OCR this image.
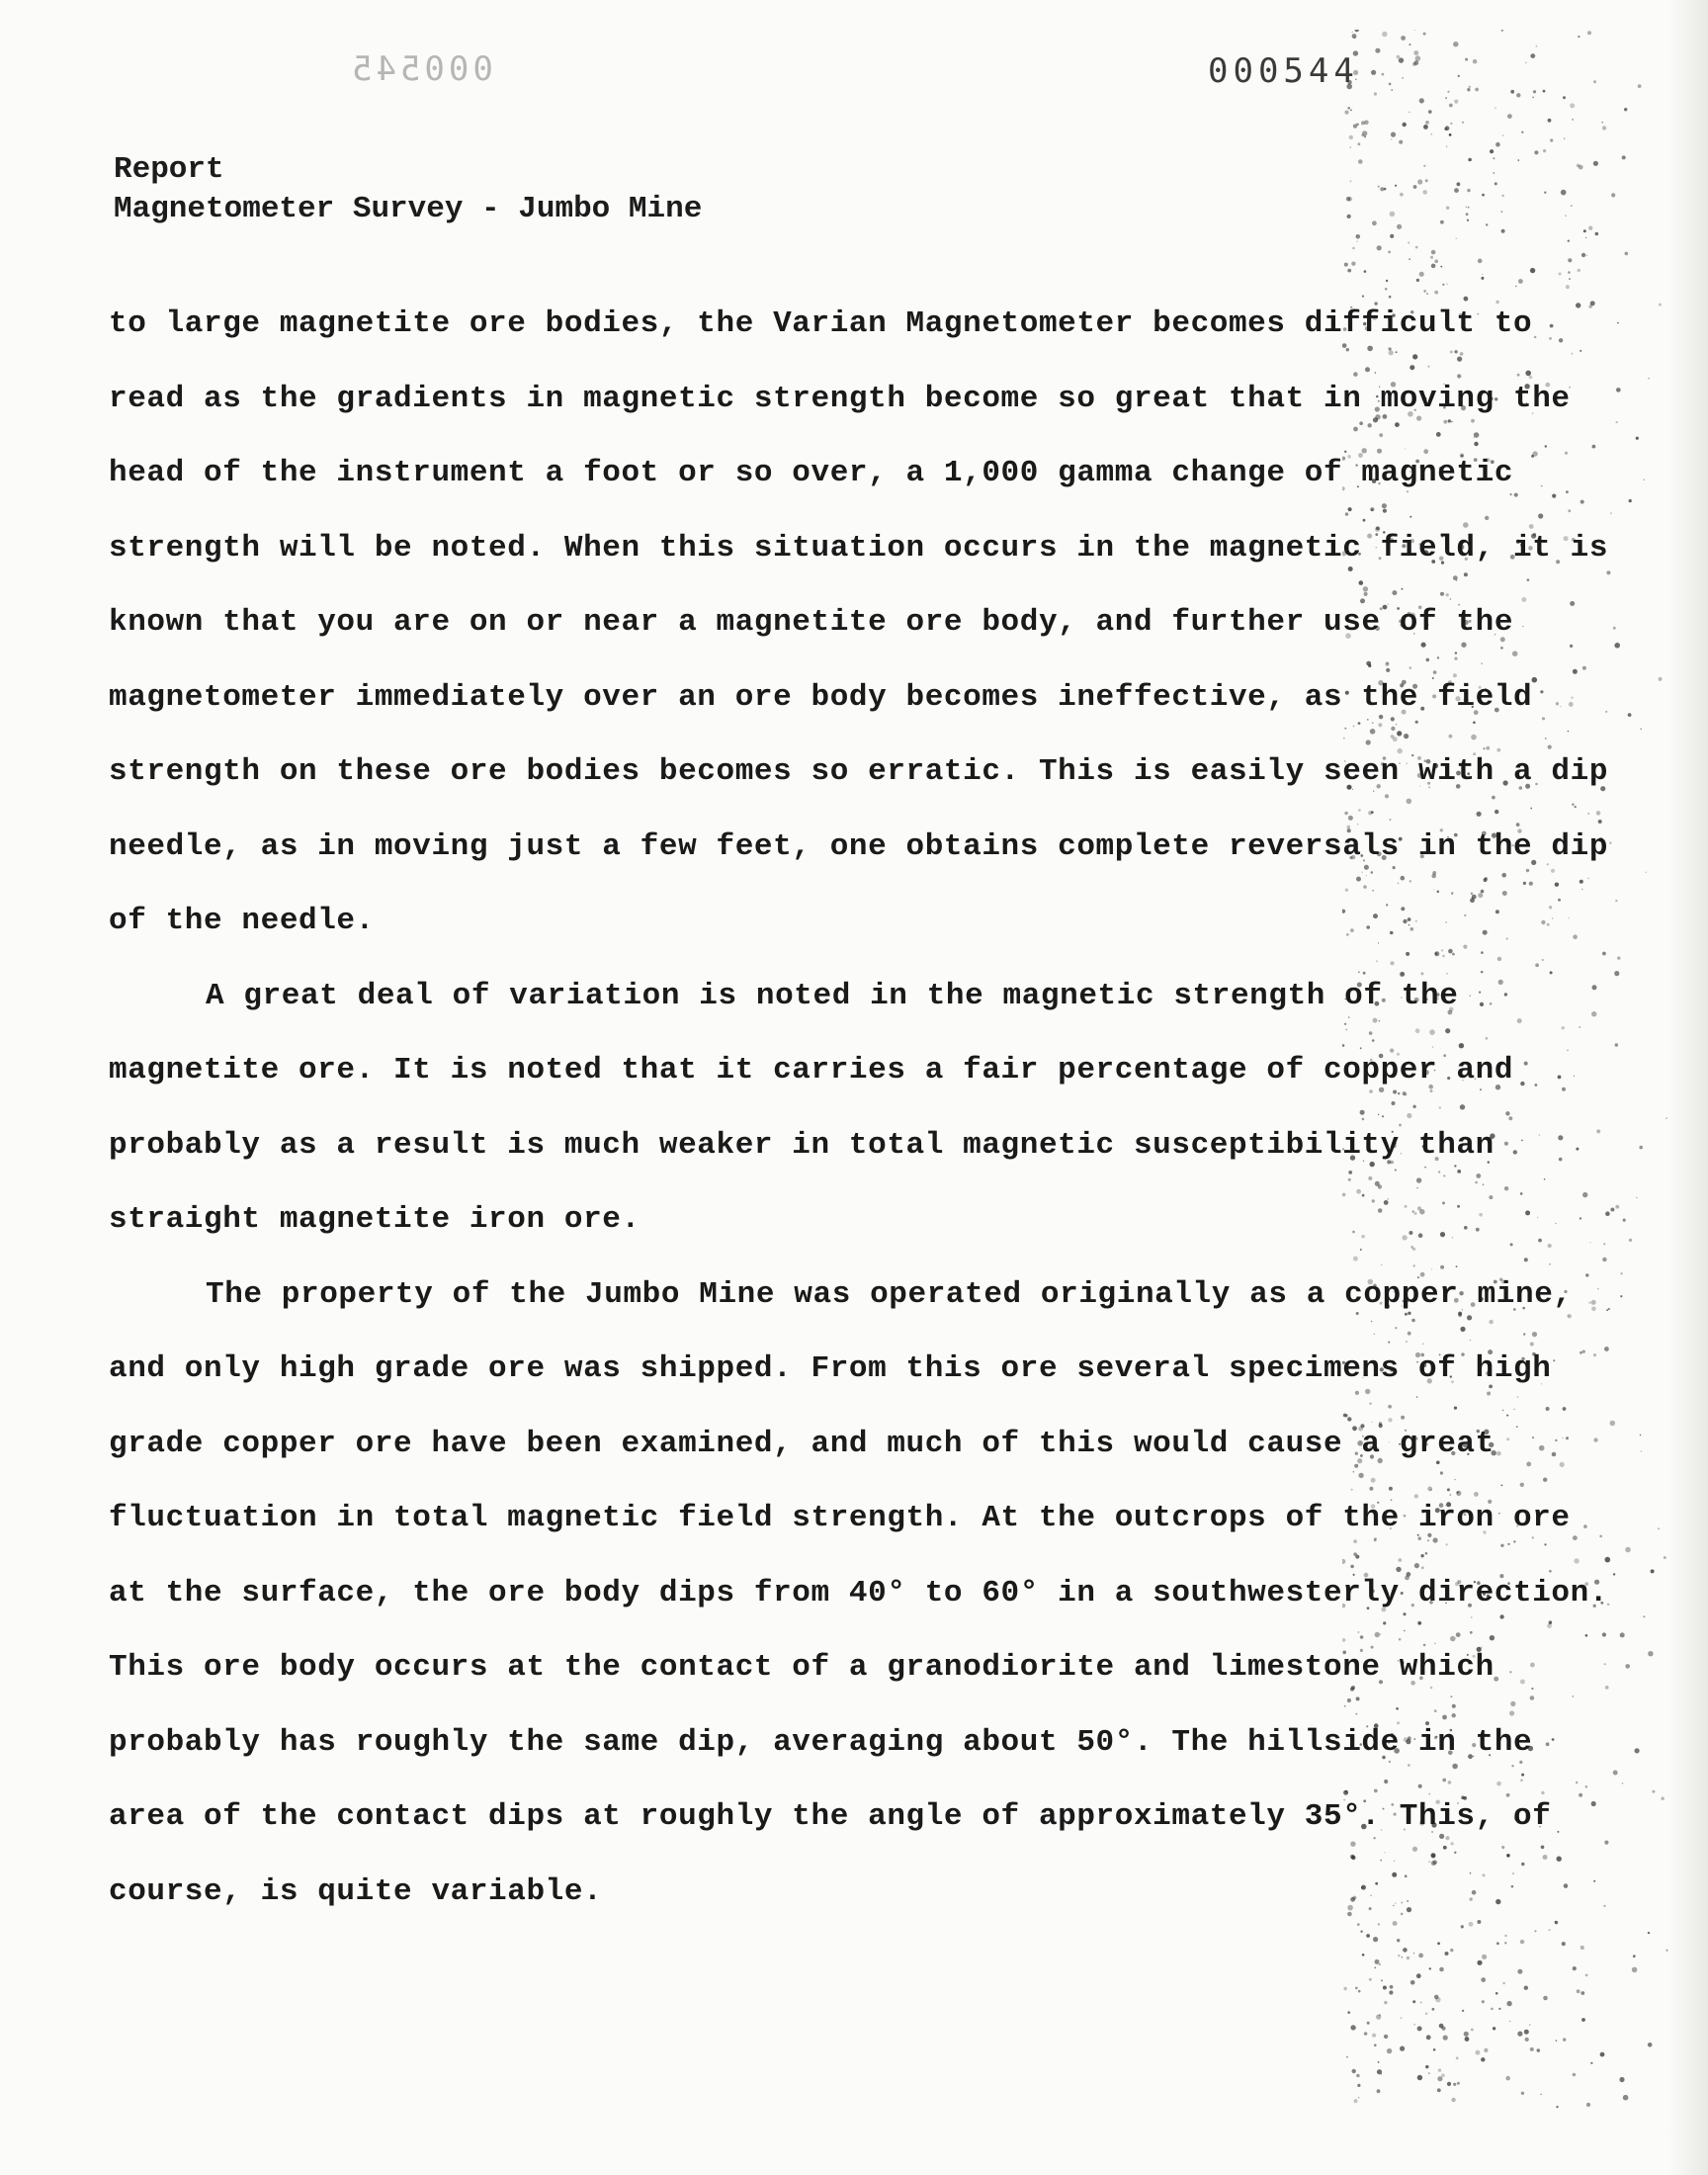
000545	000544
Report
Magnetometer Survey - Jumbo Mine

to large magnetite ore bodies, the Varian Magnetometer becomes difficult to read as the gradients in magnetic strength become so great that in moving the head of the instrument a foot or so over, a 1,000 gamma change of magnetic strength will be noted. When this situation occurs in the magnetic field, it is known that you are on or near a magnetite ore body, and further use of the magnetometer immediately over an ore body becomes ineffective, as the field strength on these ore bodies becomes so erratic. This is easily seen with a dip needle, as in moving just a few feet, one obtains complete reversals in the dip of the needle.

A great deal of variation is noted in the magnetic strength of the magnetite ore. It is noted that it carries a fair percentage of copper and probably as a result is much weaker in total magnetic susceptibility than straight magnetite iron ore.

The property of the Jumbo Mine was operated originally as a copper mine, and only high grade ore was shipped. From this ore several specimens of high grade copper ore have been examined, and much of this would cause a great fluctuation in total magnetic field strength. At the outcrops of the iron ore at the surface, the ore body dips from 40° to 60° in a southwesterly direction. This ore body occurs at the contact of a granodiorite and limestone which probably has roughly the same dip, averaging about 50°. The hillside in the area of the contact dips at roughly the angle of approximately 35°. This, of course, is quite variable.
